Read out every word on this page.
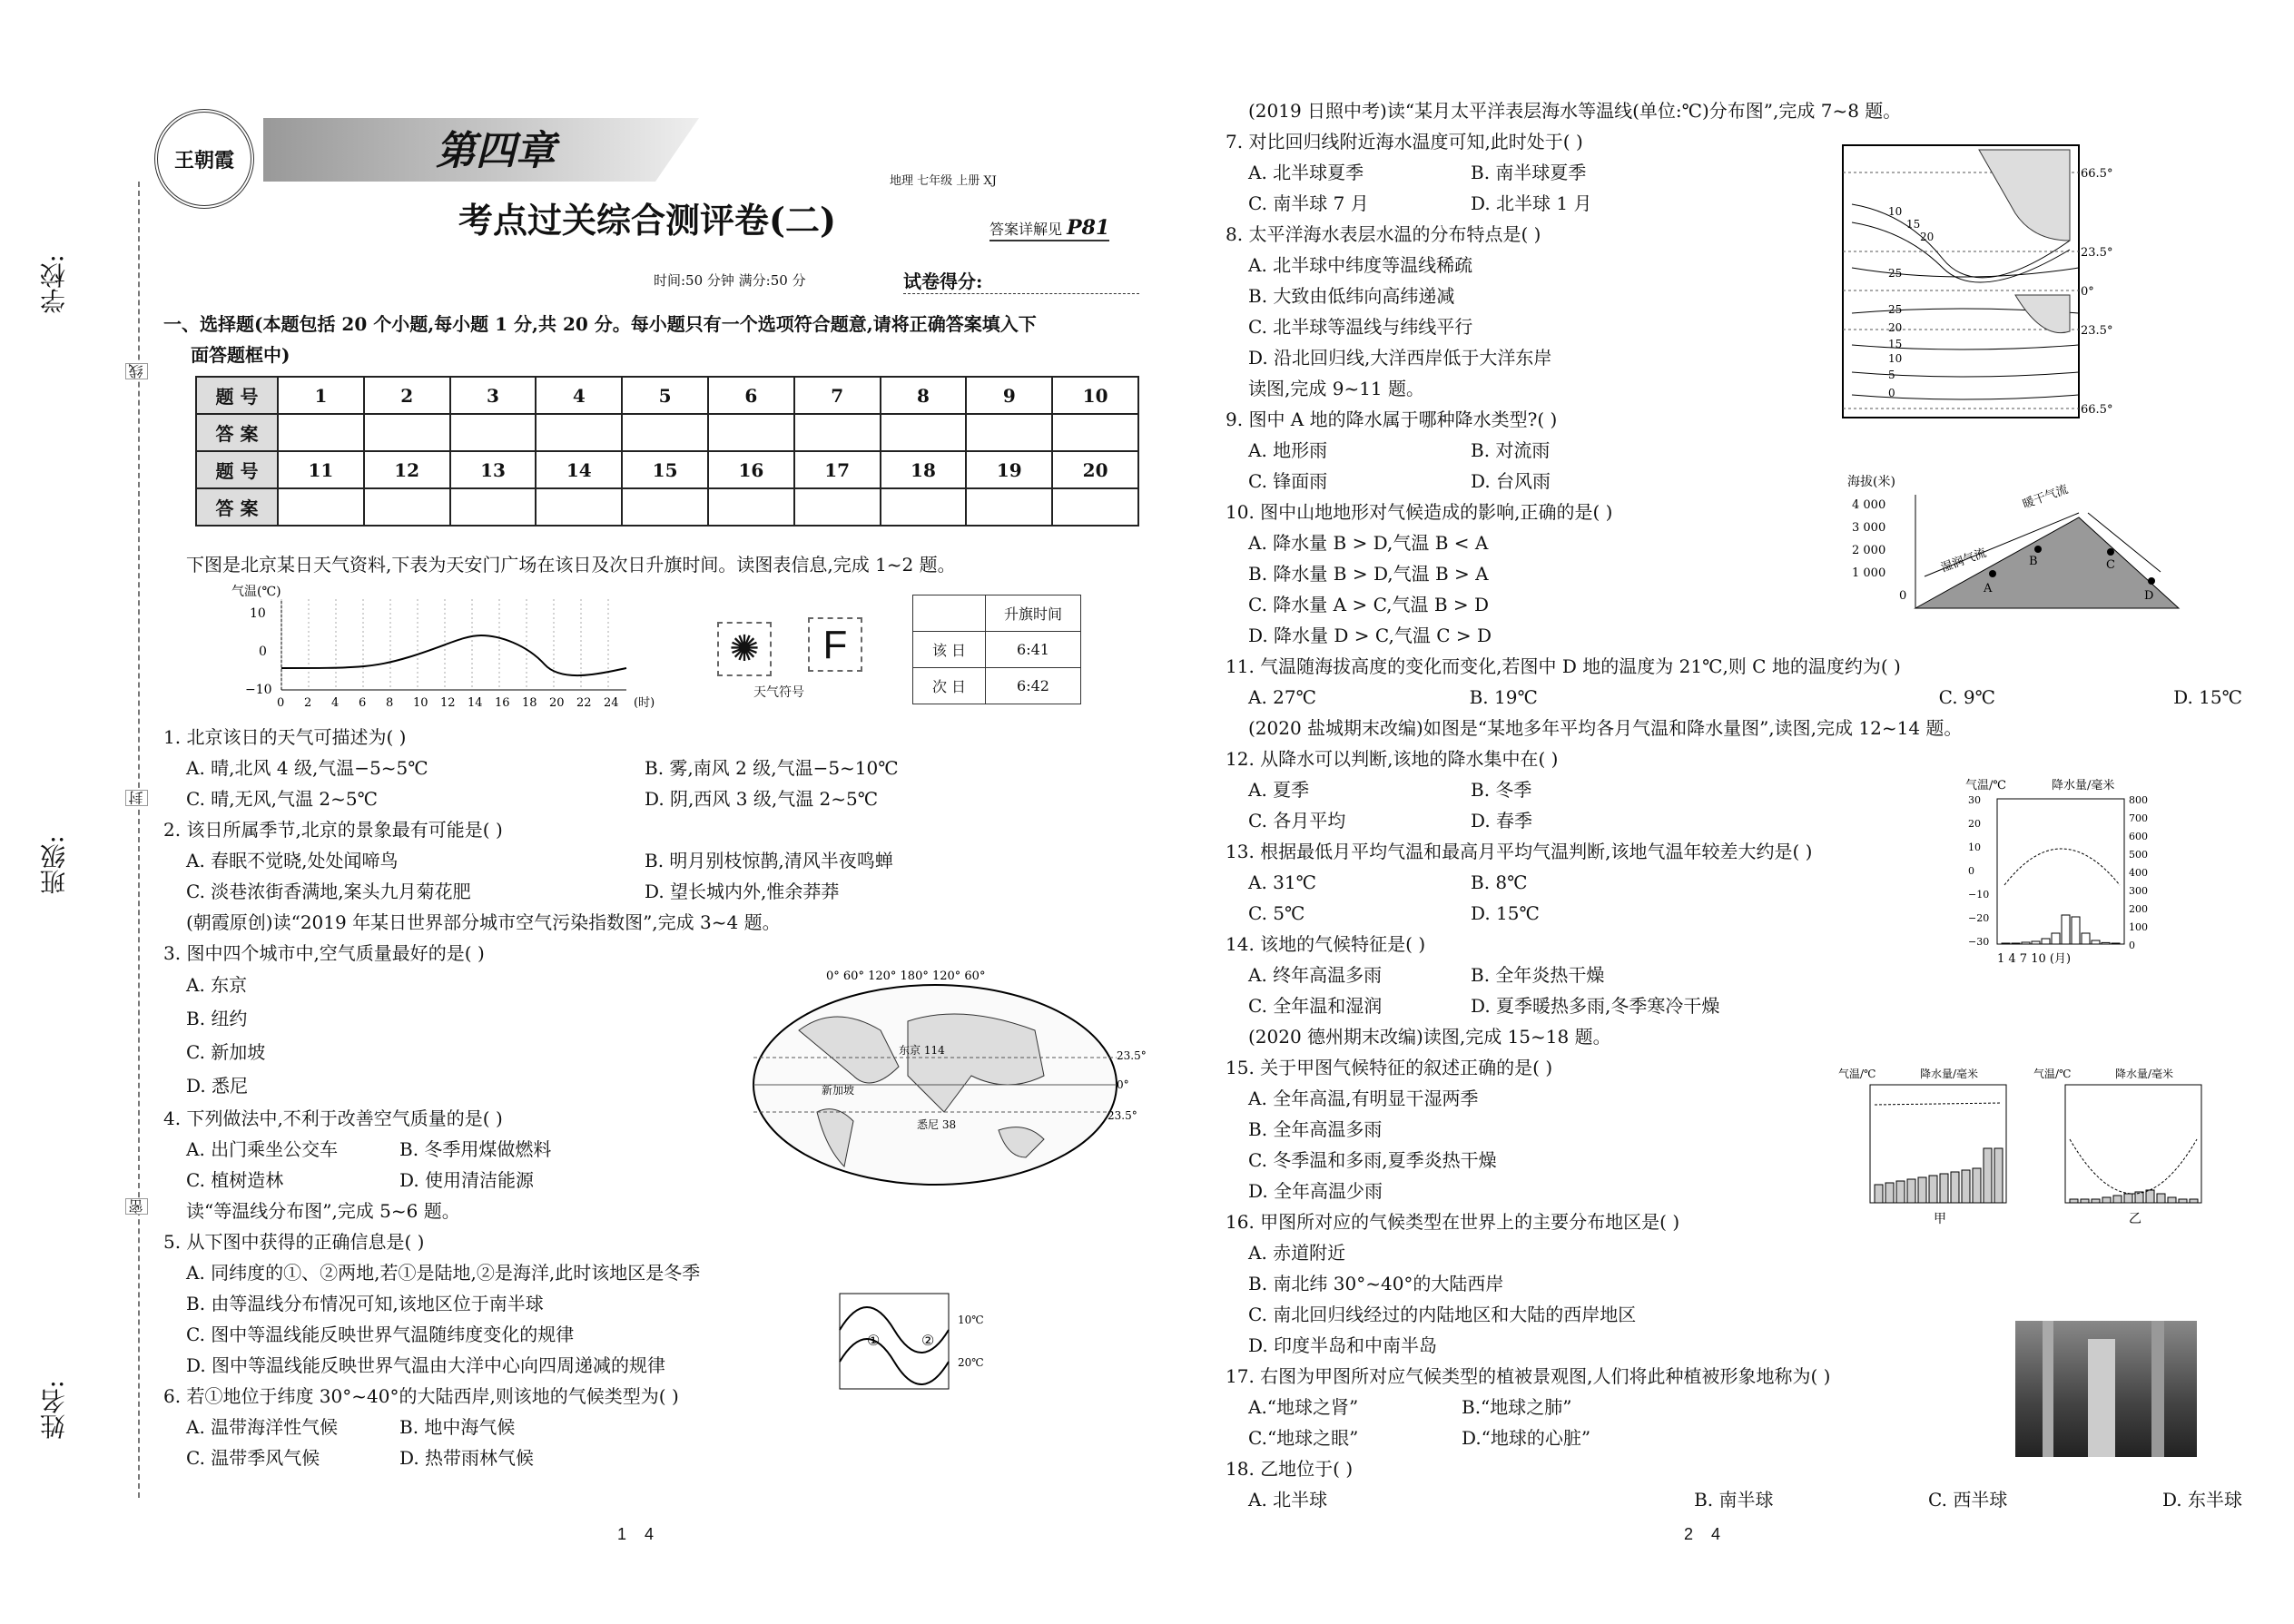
学校:
班级:
姓名:
线
封
密
王朝霞	第四章
地理 七年级 上册 XJ
考点过关综合测评卷(二)	答案详解见 P81
时间:50 分钟 满分:50 分	试卷得分:
一、选择题(本题包括 20 个小题,每小题 1 分,共 20 分。每小题只有一个选项符合题意,请将正确答案填入下
面答题框中)
题 号	1	2	3	4	5	6	7	8	9	10
答 案										
题 号	11	12	13	14	15	16	17	18	19	20
答 案										
下图是北京某日天气资料,下表为天安门广场在该日及次日升旗时间。读图表信息,完成 1~2 题。
气温(℃)
10
0
−10
0 2 4 6 8 10 12 14 16 18 20 22 24 (时)
✺	F
天气符号
	升旗时间
该 日	6:41
次 日	6:42
1. 北京该日的天气可描述为( )
A. 晴,北风 4 级,气温−5~5℃	B. 雾,南风 2 级,气温−5~10℃
C. 晴,无风,气温 2~5℃	D. 阴,西风 3 级,气温 2~5℃
2. 该日所属季节,北京的景象最有可能是( )
A. 春眠不觉晓,处处闻啼鸟	B. 明月别枝惊鹊,清风半夜鸣蝉
C. 淡巷浓街香满地,案头九月菊花肥	D. 望长城内外,惟余莽莽
(朝霞原创)读“2019 年某日世界部分城市空气污染指数图”,完成 3~4 题。
3. 图中四个城市中,空气质量最好的是( )
A. 东京
B. 纽约
C. 新加坡
D. 悉尼
4. 下列做法中,不利于改善空气质量的是( )
A. 出门乘坐公交车	B. 冬季用煤做燃料
C. 植树造林	D. 使用清洁能源
读“等温线分布图”,完成 5~6 题。
5. 从下图中获得的正确信息是( )
A. 同纬度的①、②两地,若①是陆地,②是海洋,此时该地区是冬季
B. 由等温线分布情况可知,该地区位于南半球
C. 图中等温线能反映世界气温随纬度变化的规律
D. 图中等温线能反映世界气温由大洋中心向四周递减的规律
6. 若①地位于纬度 30°~40°的大陆西岸,则该地的气候类型为( )
A. 温带海洋性气候	B. 地中海气候
C. 温带季风气候	D. 热带雨林气候
0° 60° 120° 180° 120° 60°
东京 114
新加坡
悉尼 38
23.5°
0°
23.5°
10℃
20℃
①	②
1    4
(2019 日照中考)读“某月太平洋表层海水等温线(单位:℃)分布图”,完成 7~8 题。
7. 对比回归线附近海水温度可知,此时处于( )
A. 北半球夏季	B. 南半球夏季
C. 南半球 7 月	D. 北半球 1 月
8. 太平洋海水表层水温的分布特点是( )
A. 北半球中纬度等温线稀疏
B. 大致由低纬向高纬递减
C. 北半球等温线与纬线平行
D. 沿北回归线,大洋西岸低于大洋东岸
读图,完成 9~11 题。
9. 图中 A 地的降水属于哪种降水类型?( )
A. 地形雨	B. 对流雨
C. 锋面雨	D. 台风雨
10. 图中山地地形对气候造成的影响,正确的是( )
A. 降水量 B > D,气温 B < A
B. 降水量 B > D,气温 B > A
C. 降水量 A > C,气温 B > D
D. 降水量 D > C,气温 C > D
11. 气温随海拔高度的变化而变化,若图中 D 地的温度为 21℃,则 C 地的温度约为( )
A. 27℃	B. 19℃	C. 9℃	D. 15℃
(2020 盐城期末改编)如图是“某地多年平均各月气温和降水量图”,读图,完成 12~14 题。
12. 从降水可以判断,该地的降水集中在( )
A. 夏季	B. 冬季
C. 各月平均	D. 春季
13. 根据最低月平均气温和最高月平均气温判断,该地气温年较差大约是( )
A. 31℃	B. 8℃
C. 5℃	D. 15℃
14. 该地的气候特征是( )
A. 终年高温多雨	B. 全年炎热干燥
C. 全年温和湿润	D. 夏季暖热多雨,冬季寒冷干燥
(2020 德州期末改编)读图,完成 15~18 题。
15. 关于甲图气候特征的叙述正确的是( )
A. 全年高温,有明显干湿两季
B. 全年高温多雨
C. 冬季温和多雨,夏季炎热干燥
D. 全年高温少雨
16. 甲图所对应的气候类型在世界上的主要分布地区是( )
A. 赤道附近
B. 南北纬 30°~40°的大陆西岸
C. 南北回归线经过的内陆地区和大陆的西岸地区
D. 印度半岛和中南半岛
17. 右图为甲图所对应气候类型的植被景观图,人们将此种植被形象地称为( )
A.“地球之肾”	B.“地球之肺”
C.“地球之眼”	D.“地球的心脏”
18. 乙地位于( )
A. 北半球	B. 南半球	C. 西半球	D. 东半球
66.5°
23.5°
0°
23.5°
66.5°
10
15
20
25
25
20
15
10
5
0
海拔(米)
4 000
3 000
2 000
1 000
0
湿润气流
暖干气流
A
B	C
D
气温/℃	降水量/毫米
30
20
10
0
−10
−20
−30
800
700
600
500
400
300
200
100
0
1 4 7 10 (月)
气温/℃	降水量/毫米
甲
气温/℃	降水量/毫米
乙
2    4
